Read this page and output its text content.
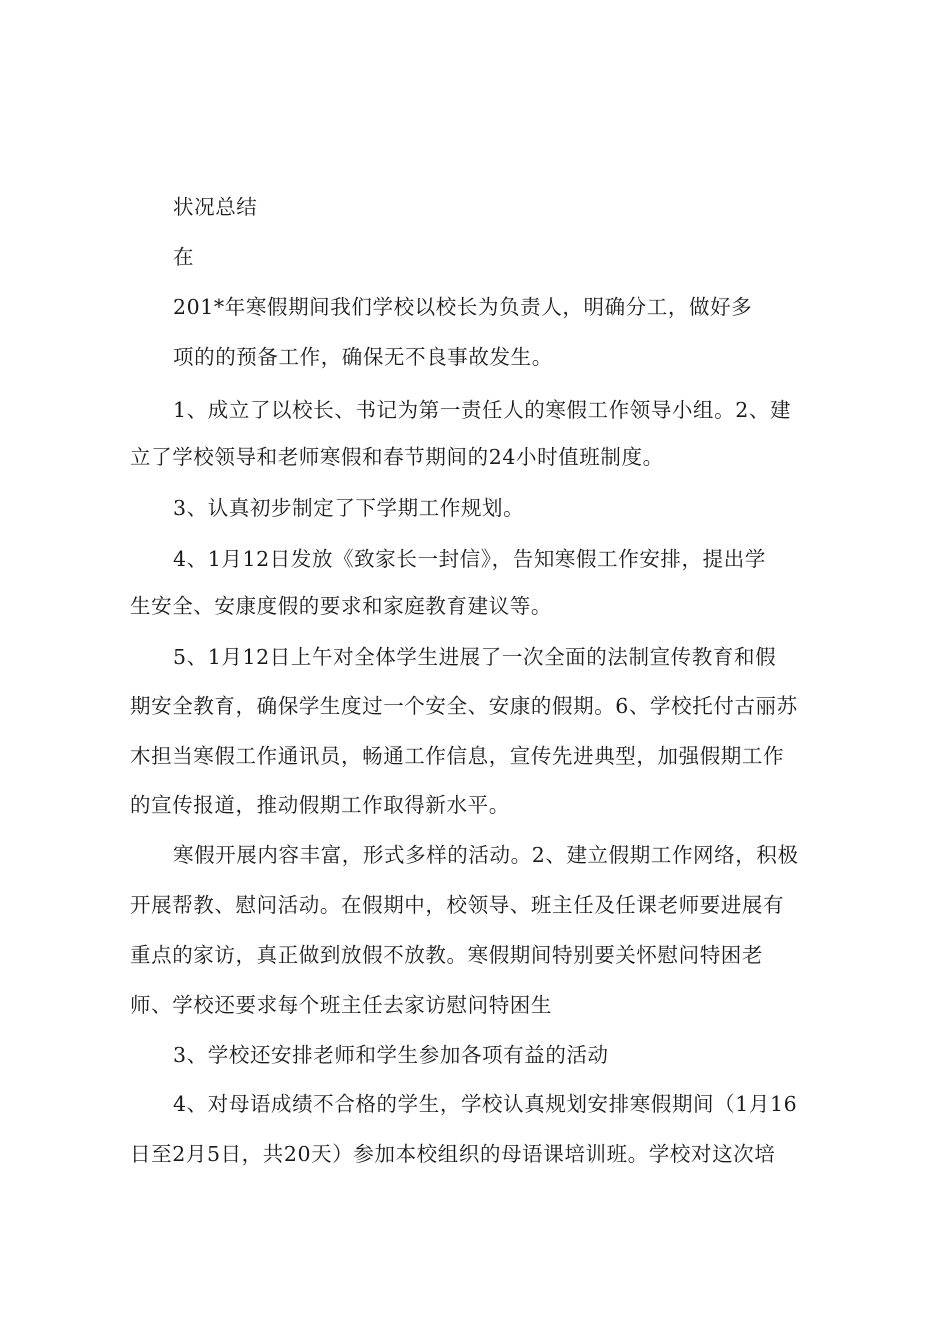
状况总结
在
201*年寒假期间我们学校以校长为负责人，明确分工，做好多
项的的预备工作，确保无不良事故发生。
1、成立了以校长、书记为第一责任人的寒假工作领导小组。2、建
立了学校领导和老师寒假和春节期间的24小时值班制度。
3、认真初步制定了下学期工作规划。
4、1月12日发放《致家长一封信》，告知寒假工作安排，提出学
生安全、安康度假的要求和家庭教育建议等。
5、1月12日上午对全体学生进展了一次全面的法制宣传教育和假
期安全教育，确保学生度过一个安全、安康的假期。6、学校托付古丽苏
木担当寒假工作通讯员，畅通工作信息，宣传先进典型，加强假期工作
的宣传报道，推动假期工作取得新水平。
寒假开展内容丰富，形式多样的活动。2、建立假期工作网络，积极
开展帮教、慰问活动。在假期中，校领导、班主任及任课老师要进展有
重点的家访，真正做到放假不放教。寒假期间特别要关怀慰问特困老
师、学校还要求每个班主任去家访慰问特困生
3、学校还安排老师和学生参加各项有益的活动
4、对母语成绩不合格的学生，学校认真规划安排寒假期间（1月16
日至2月5日，共20天）参加本校组织的母语课培训班。学校对这次培
